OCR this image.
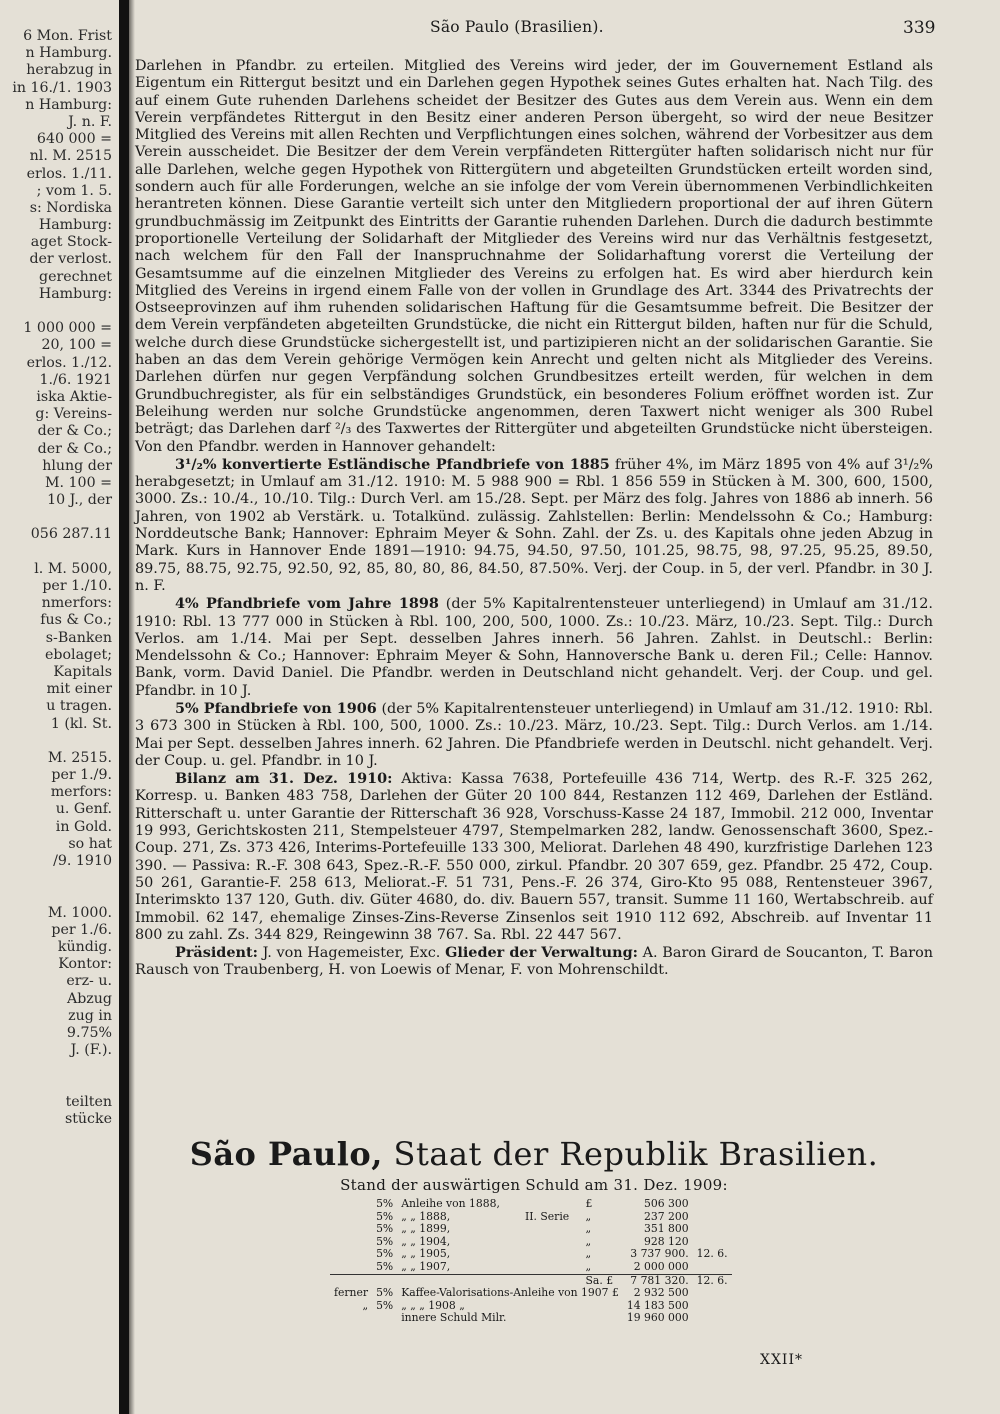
6 Mon. Frist
n Hamburg.
herabzug in
in 16./1. 1903
n Hamburg:
J. n. F.
640 000 =
nl. M. 2515
erlos. 1./11.
; vom 1. 5.
s: Nordiska
Hamburg:
aget Stock-
der verlost.
gerechnet
Hamburg:
1 000 000 =
20, 100 =
erlos. 1./12.
1./6. 1921
iska Aktie-
g: Vereins-
der & Co.;
der & Co.;
hlung der
M. 100 =
10 J., der
056 287.11
l. M. 5000,
per 1./10.
nmerfors:
fus & Co.;
s-Banken
ebolaget;
Kapitals
mit einer
u tragen.
1 (kl. St.
M. 2515.
per 1./9.
merfors:
u. Genf.
in Gold.
so hat
/9. 1910
M. 1000.
per 1./6.
kündig.
Kontor:
erz- u.
Abzug
zug in
9.75%
J. (F.).
teilten
stücke
São Paulo (Brasilien).	339

Darlehen in Pfandbr. zu erteilen. Mitglied des Vereins wird jeder, der im Gouvernement Estland als Eigentum ein Rittergut besitzt und ein Darlehen gegen Hypothek seines Gutes erhalten hat. Nach Tilg. des auf einem Gute ruhenden Darlehens scheidet der Besitzer des Gutes aus dem Verein aus. Wenn ein dem Verein verpfändetes Rittergut in den Besitz einer anderen Person übergeht, so wird der neue Besitzer Mitglied des Vereins mit allen Rechten und Verpflichtungen eines solchen, während der Vorbesitzer aus dem Verein ausscheidet. Die Besitzer der dem Verein verpfändeten Rittergüter haften solidarisch nicht nur für alle Darlehen, welche gegen Hypothek von Rittergütern und abgeteilten Grundstücken erteilt worden sind, sondern auch für alle Forderungen, welche an sie infolge der vom Verein übernommenen Verbindlichkeiten herantreten können. Diese Garantie verteilt sich unter den Mitgliedern proportional der auf ihren Gütern grundbuchmässig im Zeitpunkt des Eintritts der Garantie ruhenden Darlehen. Durch die dadurch bestimmte proportionelle Verteilung der Solidarhaft der Mitglieder des Vereins wird nur das Verhältnis festgesetzt, nach welchem für den Fall der Inanspruchnahme der Solidarhaftung vorerst die Verteilung der Gesamtsumme auf die einzelnen Mitglieder des Vereins zu erfolgen hat. Es wird aber hierdurch kein Mitglied des Vereins in irgend einem Falle von der vollen in Grundlage des Art. 3344 des Privatrechts der Ostseeprovinzen auf ihm ruhenden solidarischen Haftung für die Gesamtsumme befreit. Die Besitzer der dem Verein verpfändeten abgeteilten Grundstücke, die nicht ein Rittergut bilden, haften nur für die Schuld, welche durch diese Grundstücke sichergestellt ist, und partizipieren nicht an der solidarischen Garantie. Sie haben an das dem Verein gehörige Vermögen kein Anrecht und gelten nicht als Mitglieder des Vereins. Darlehen dürfen nur gegen Verpfändung solchen Grundbesitzes erteilt werden, für welchen in dem Grundbuchregister, als für ein selbständiges Grundstück, ein besonderes Folium eröffnet worden ist. Zur Beleihung werden nur solche Grundstücke angenommen, deren Taxwert nicht weniger als 300 Rubel beträgt; das Darlehen darf ²/₃ des Taxwertes der Rittergüter und abgeteilten Grundstücke nicht übersteigen. Von den Pfandbr. werden in Hannover gehandelt:

3¹/₂% konvertierte Estländische Pfandbriefe von 1885 früher 4%, im März 1895 von 4% auf 3¹/₂% herabgesetzt; in Umlauf am 31./12. 1910: M. 5 988 900 = Rbl. 1 856 559 in Stücken à M. 300, 600, 1500, 3000. Zs.: 10./4., 10./10. Tilg.: Durch Verl. am 15./28. Sept. per März des folg. Jahres von 1886 ab innerh. 56 Jahren, von 1902 ab Verstärk. u. Totalkünd. zulässig. Zahlstellen: Berlin: Mendelssohn & Co.; Hamburg: Norddeutsche Bank; Hannover: Ephraim Meyer & Sohn. Zahl. der Zs. u. des Kapitals ohne jeden Abzug in Mark. Kurs in Hannover Ende 1891—1910: 94.75, 94.50, 97.50, 101.25, 98.75, 98, 97.25, 95.25, 89.50, 89.75, 88.75, 92.75, 92.50, 92, 85, 80, 80, 86, 84.50, 87.50%. Verj. der Coup. in 5, der verl. Pfandbr. in 30 J. n. F.

4% Pfandbriefe vom Jahre 1898 (der 5% Kapitalrentensteuer unterliegend) in Umlauf am 31./12. 1910: Rbl. 13 777 000 in Stücken à Rbl. 100, 200, 500, 1000. Zs.: 10./23. März, 10./23. Sept. Tilg.: Durch Verlos. am 1./14. Mai per Sept. desselben Jahres innerh. 56 Jahren. Zahlst. in Deutschl.: Berlin: Mendelssohn & Co.; Hannover: Ephraim Meyer & Sohn, Hannoversche Bank u. deren Fil.; Celle: Hannov. Bank, vorm. David Daniel. Die Pfandbr. werden in Deutschland nicht gehandelt. Verj. der Coup. und gel. Pfandbr. in 10 J.

5% Pfandbriefe von 1906 (der 5% Kapitalrentensteuer unterliegend) in Umlauf am 31./12. 1910: Rbl. 3 673 300 in Stücken à Rbl. 100, 500, 1000. Zs.: 10./23. März, 10./23. Sept. Tilg.: Durch Verlos. am 1./14. Mai per Sept. desselben Jahres innerh. 62 Jahren. Die Pfandbriefe werden in Deutschl. nicht gehandelt. Verj. der Coup. u. gel. Pfandbr. in 10 J.

Bilanz am 31. Dez. 1910: Aktiva: Kassa 7638, Portefeuille 436 714, Wertp. des R.-F. 325 262, Korresp. u. Banken 483 758, Darlehen der Güter 20 100 844, Restanzen 112 469, Darlehen der Estländ. Ritterschaft u. unter Garantie der Ritterschaft 36 928, Vorschuss-Kasse 24 187, Immobil. 212 000, Inventar 19 993, Gerichtskosten 211, Stempelsteuer 4797, Stempelmarken 282, landw. Genossenschaft 3600, Spez.-Coup. 271, Zs. 373 426, Interims-Portefeuille 133 300, Meliorat. Darlehen 48 490, kurzfristige Darlehen 123 390. — Passiva: R.-F. 308 643, Spez.-R.-F. 550 000, zirkul. Pfandbr. 20 307 659, gez. Pfandbr. 25 472, Coup. 50 261, Garantie-F. 258 613, Meliorat.-F. 51 731, Pens.-F. 26 374, Giro-Kto 95 088, Rentensteuer 3967, Interimskto 137 120, Guth. div. Güter 4680, do. div. Bauern 557, transit. Summe 11 160, Wertabschreib. auf Immobil. 62 147, ehemalige Zinses-Zins-Reverse Zinsenlos seit 1910 112 692, Abschreib. auf Inventar 11 800 zu zahl. Zs. 344 829, Reingewinn 38 767. Sa. Rbl. 22 447 567.

Präsident: J. von Hagemeister, Exc. Glieder der Verwaltung: A. Baron Girard de Soucanton, T. Baron Rausch von Traubenberg, H. von Loewis of Menar, F. von Mohrenschildt.

São Paulo, Staat der Republik Brasilien.
Stand der auswärtigen Schuld am 31. Dez. 1909:
	5%	Anleihe von 1888,		£	506 300	
	5%	„ „ 1888,	II. Serie	„	237 200	
	5%	„ „ 1899,		„	351 800	
	5%	„ „ 1904,		„	928 120	
	5%	„ „ 1905,		„	3 737 900.	12. 6.
	5%	„ „ 1907,		„	2 000 000	
				Sa. £	7 781 320.	12. 6.
ferner	5%	Kaffee-Valorisations-Anleihe von 1907 £			2 932 500	
„	5%	„ „ „ 1908 „			14 183 500	
		innere Schuld Milr.			19 960 000	
XXII*
